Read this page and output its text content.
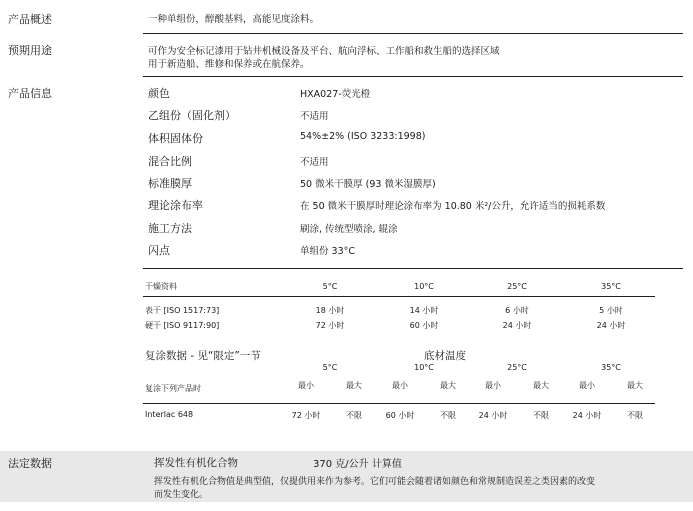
产品概述	一种单组份，醇酸基料，高能见度涂料。
预期用途	可作为安全标记漆用于钻井机械设备及平台、航向浮标、工作船和救生船的选择区域
用于新造船、维修和保养或在航保养。
产品信息	颜色	HXA027-荧光橙
乙组份（固化剂）	不适用
体积固体份	54%±2% (ISO 3233:1998)
混合比例	不适用
标准膜厚	50 微米干膜厚 (93 微米湿膜厚)
理论涂布率	在 50 微米干膜厚时理论涂布率为 10.80 米²/公升，允许适当的损耗系数
施工方法	刷涂, 传统型喷涂, 辊涂
闪点	单组份 33°C
干燥资料	5°C	10°C	25°C	35°C
表干 [ISO 1517:73]	18 小时	14 小时	6 小时	5 小时
硬干 [ISO 9117:90]	72 小时	60 小时	24 小时	24 小时
复涂数据 - 见“限定”一节	底材温度
5°C	10°C	25°C	35°C
复涂下列产品时	最小	最大	最小	最大	最小	最大	最小	最大
Interlac 648	72 小时	不限	60 小时	不限	24 小时	不限	24 小时	不限
法定数据	挥发性有机化合物	370 克/公升 计算值
挥发性有机化合物值是典型值，仅提供用来作为参考。它们可能会随着诸如颜色和常规制造误差之类因素的改变
而发生变化。
